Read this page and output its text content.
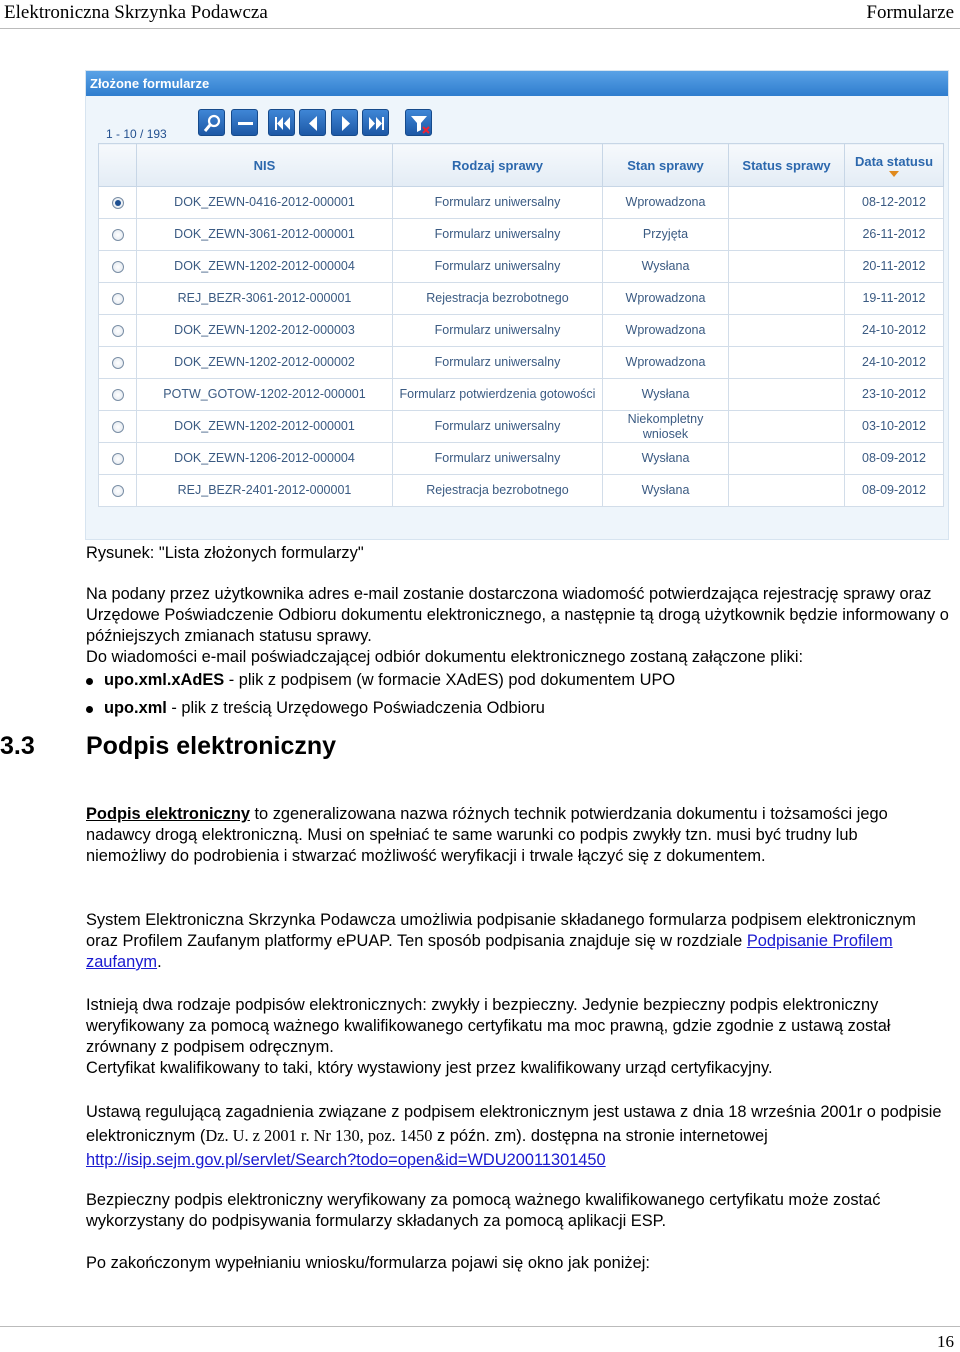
Elektroniczna Skrzynka Podawcza	Formularze
Złożone formularze
1 - 10 / 193
	NIS	Rodzaj sprawy	Stan sprawy	Status sprawy	Data statusu

	DOK_ZEWN-0416-2012-000001	Formularz uniwersalny	Wprowadzona		08-12-2012
	DOK_ZEWN-3061-2012-000001	Formularz uniwersalny	Przyjęta		26-11-2012
	DOK_ZEWN-1202-2012-000004	Formularz uniwersalny	Wysłana		20-11-2012
	REJ_BEZR-3061-2012-000001	Rejestracja bezrobotnego	Wprowadzona		19-11-2012
	DOK_ZEWN-1202-2012-000003	Formularz uniwersalny	Wprowadzona		24-10-2012
	DOK_ZEWN-1202-2012-000002	Formularz uniwersalny	Wprowadzona		24-10-2012
	POTW_GOTOW-1202-2012-000001	Formularz potwierdzenia gotowości	Wysłana		23-10-2012
	DOK_ZEWN-1202-2012-000001	Formularz uniwersalny	Niekompletny wniosek		03-10-2012
	DOK_ZEWN-1206-2012-000004	Formularz uniwersalny	Wysłana		08-09-2012
	REJ_BEZR-2401-2012-000001	Rejestracja bezrobotnego	Wysłana		08-09-2012
Rysunek: "Lista złożonych formularzy"
Na podany przez użytkownika adres e-mail zostanie dostarczona wiadomość potwierdzająca rejestrację sprawy oraz Urzędowe Poświadczenie Odbioru dokumentu elektronicznego, a następnie tą drogą użytkownik będzie informowany o późniejszych zmianach statusu sprawy.
Do wiadomości e-mail poświadczającej odbiór dokumentu elektronicznego zostaną załączone pliki:
upo.xml.xAdES - plik z podpisem (w formacie XAdES) pod dokumentem UPO
upo.xml - plik z treścią Urzędowego Poświadczenia Odbioru
3.3 Podpis elektroniczny
Podpis elektroniczny to zgeneralizowana nazwa różnych technik potwierdzania dokumentu i tożsamości jego nadawcy drogą elektroniczną. Musi on spełniać te same warunki co podpis zwykły tzn. musi być trudny lub niemożliwy do podrobienia i stwarzać możliwość weryfikacji i trwale łączyć się z dokumentem.
System Elektroniczna Skrzynka Podawcza umożliwia podpisanie składanego formularza podpisem elektronicznym oraz Profilem Zaufanym platformy ePUAP. Ten sposób podpisania znajduje się w rozdziale Podpisanie Profilem zaufanym.
Istnieją dwa rodzaje podpisów elektronicznych: zwykły i bezpieczny. Jedynie bezpieczny podpis elektroniczny weryfikowany za pomocą ważnego kwalifikowanego certyfikatu ma moc prawną, gdzie zgodnie z ustawą został zrównany z podpisem odręcznym.
Certyfikat kwalifikowany to taki, który wystawiony jest przez kwalifikowany urząd certyfikacyjny.
Ustawą regulującą zagadnienia związane z podpisem elektronicznym jest ustawa z dnia 18 września 2001r o podpisie elektronicznym (Dz. U. z 2001 r. Nr 130, poz. 1450 z późn. zm). dostępna na stronie internetowej http://isip.sejm.gov.pl/servlet/Search?todo=open&id=WDU20011301450
Bezpieczny podpis elektroniczny weryfikowany za pomocą ważnego kwalifikowanego certyfikatu może zostać wykorzystany do podpisywania formularzy składanych za pomocą aplikacji ESP.
Po zakończonym wypełnianiu wniosku/formularza pojawi się okno jak poniżej:
16
